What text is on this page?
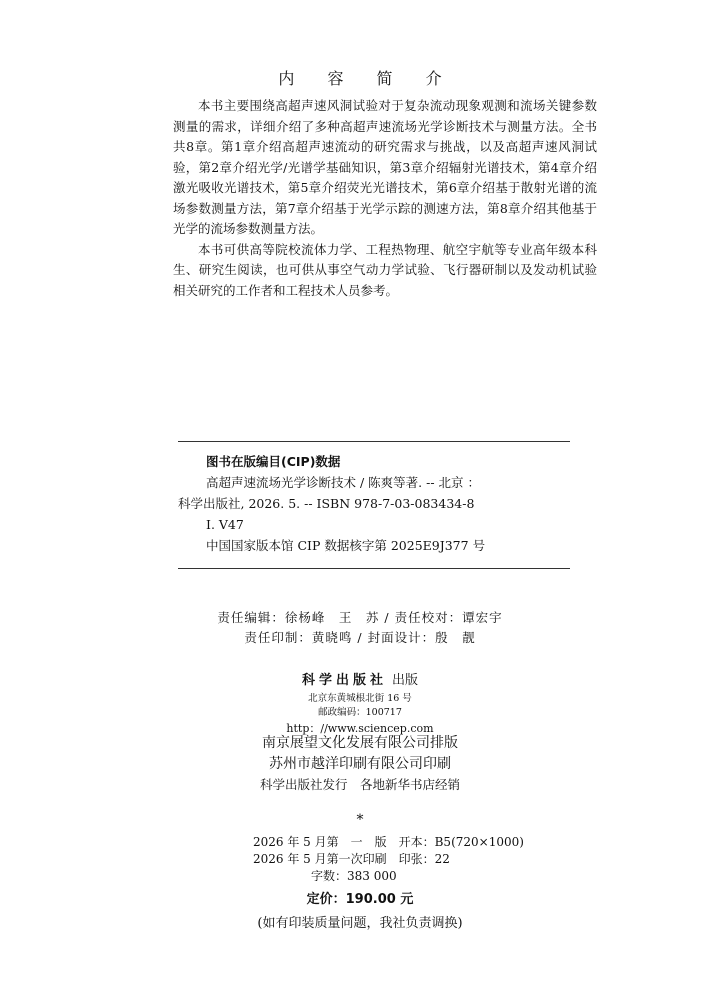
内 容 简 介

本书主要围绕高超声速风洞试验对于复杂流动现象观测和流场关键参数测量的需求，详细介绍了多种高超声速流场光学诊断技术与测量方法。全书共8章。第1章介绍高超声速流动的研究需求与挑战，以及高超声速风洞试验，第2章介绍光学/光谱学基础知识，第3章介绍辐射光谱技术，第4章介绍激光吸收光谱技术，第5章介绍荧光光谱技术，第6章介绍基于散射光谱的流场参数测量方法，第7章介绍基于光学示踪的测速方法，第8章介绍其他基于光学的流场参数测量方法。

本书可供高等院校流体力学、工程热物理、航空宇航等专业高年级本科生、研究生阅读，也可供从事空气动力学试验、飞行器研制以及发动机试验相关研究的工作者和工程技术人员参考。

图书在版编目(CIP)数据
高超声速流场光学诊断技术 / 陈爽等著. -- 北京 ：
科学出版社, 2026. 5. -- ISBN 978-7-03-083434-8
Ⅰ. V47
中国国家版本馆 CIP 数据核字第 2025E9J377 号
责任编辑：徐杨峰　王　苏 / 责任校对：谭宏宇
责任印制：黄晓鸣 / 封面设计：殷　靓
科学出版社 出版
北京东黄城根北街 16 号
邮政编码：100717
http：//www.sciencep.com
南京展望文化发展有限公司排版
苏州市越洋印刷有限公司印刷
科学出版社发行　各地新华书店经销
*
2026 年 5 月第　一　版　开本：B5(720×1000)
2026 年 5 月第一次印刷　印张：22
字数：383 000
定价：190.00 元
(如有印装质量问题，我社负责调换)
